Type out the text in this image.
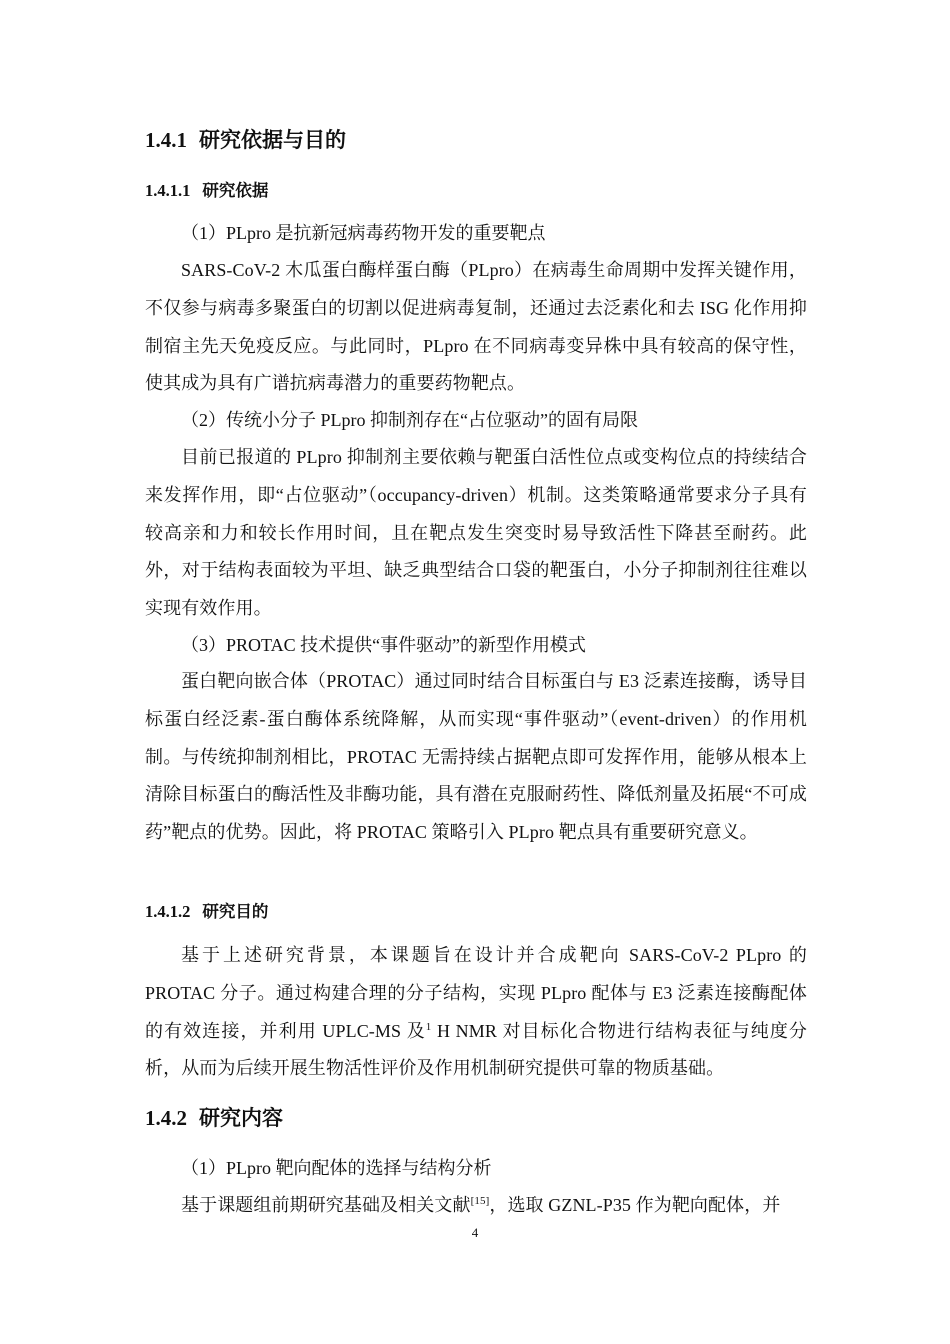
1.4.1 研究依据与目的
1.4.1.1 研究依据
（1）PLpro 是抗新冠病毒药物开发的重要靶点
SARS-CoV-2 木瓜蛋白酶样蛋白酶（PLpro）在病毒生命周期中发挥关键作用，不仅参与病毒多聚蛋白的切割以促进病毒复制，还通过去泛素化和去 ISG 化作用抑制宿主先天免疫反应。与此同时，PLpro 在不同病毒变异株中具有较高的保守性，使其成为具有广谱抗病毒潜力的重要药物靶点。
（2）传统小分子 PLpro 抑制剂存在“占位驱动”的固有局限
目前已报道的 PLpro 抑制剂主要依赖与靶蛋白活性位点或变构位点的持续结合来发挥作用，即“占位驱动”（occupancy-driven）机制。这类策略通常要求分子具有较高亲和力和较长作用时间，且在靶点发生突变时易导致活性下降甚至耐药。此外，对于结构表面较为平坦、缺乏典型结合口袋的靶蛋白，小分子抑制剂往往难以实现有效作用。
（3）PROTAC 技术提供“事件驱动”的新型作用模式
蛋白靶向嵌合体（PROTAC）通过同时结合目标蛋白与 E3 泛素连接酶，诱导目标蛋白经泛素-蛋白酶体系统降解，从而实现“事件驱动”（event-driven）的作用机制。与传统抑制剂相比，PROTAC 无需持续占据靶点即可发挥作用，能够从根本上清除目标蛋白的酶活性及非酶功能，具有潜在克服耐药性、降低剂量及拓展“不可成药”靶点的优势。因此，将 PROTAC 策略引入 PLpro 靶点具有重要研究意义。
1.4.1.2 研究目的
基于上述研究背景，本课题旨在设计并合成靶向 SARS-CoV-2 PLpro 的 PROTAC 分子。通过构建合理的分子结构，实现 PLpro 配体与 E3 泛素连接酶配体的有效连接，并利用 UPLC-MS 及$^1$ H NMR 对目标化合物进行结构表征与纯度分析，从而为后续开展生物活性评价及作用机制研究提供可靠的物质基础。
1.4.2 研究内容
（1）PLpro 靶向配体的选择与结构分析
基于课题组前期研究基础及相关文献[15]，选取 GZNL-P35 作为靶向配体，并
4
